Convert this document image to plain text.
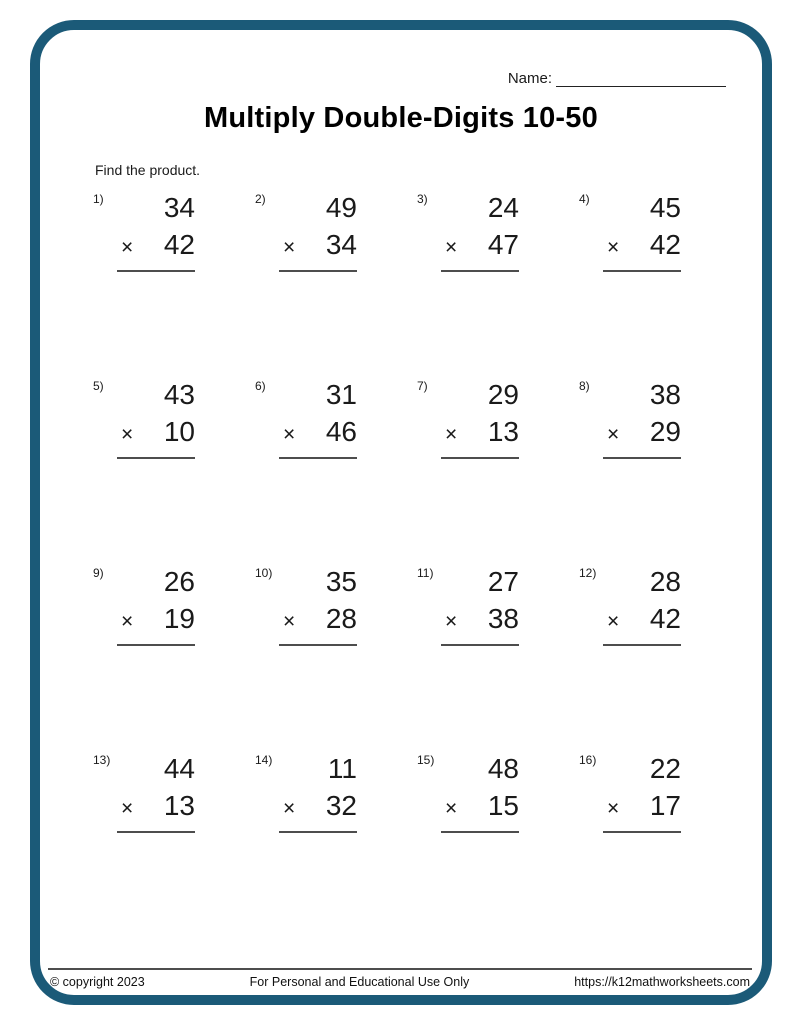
Name:
Multiply Double-Digits 10-50
Find the product.
1)	34
× 42
2)	49
× 34
3)	24
× 47
4)	45
× 42
5)	43
× 10
6)	31
× 46
7)	29
× 13
8)	38
× 29
9)	26
× 19
10)	35
× 28
11)	27
× 38
12)	28
× 42
13)	44
× 13
14)	11
× 32
15)	48
× 15
16)	22
× 17
© copyright 2023	For Personal and Educational Use Only	https://k12mathworksheets.com
